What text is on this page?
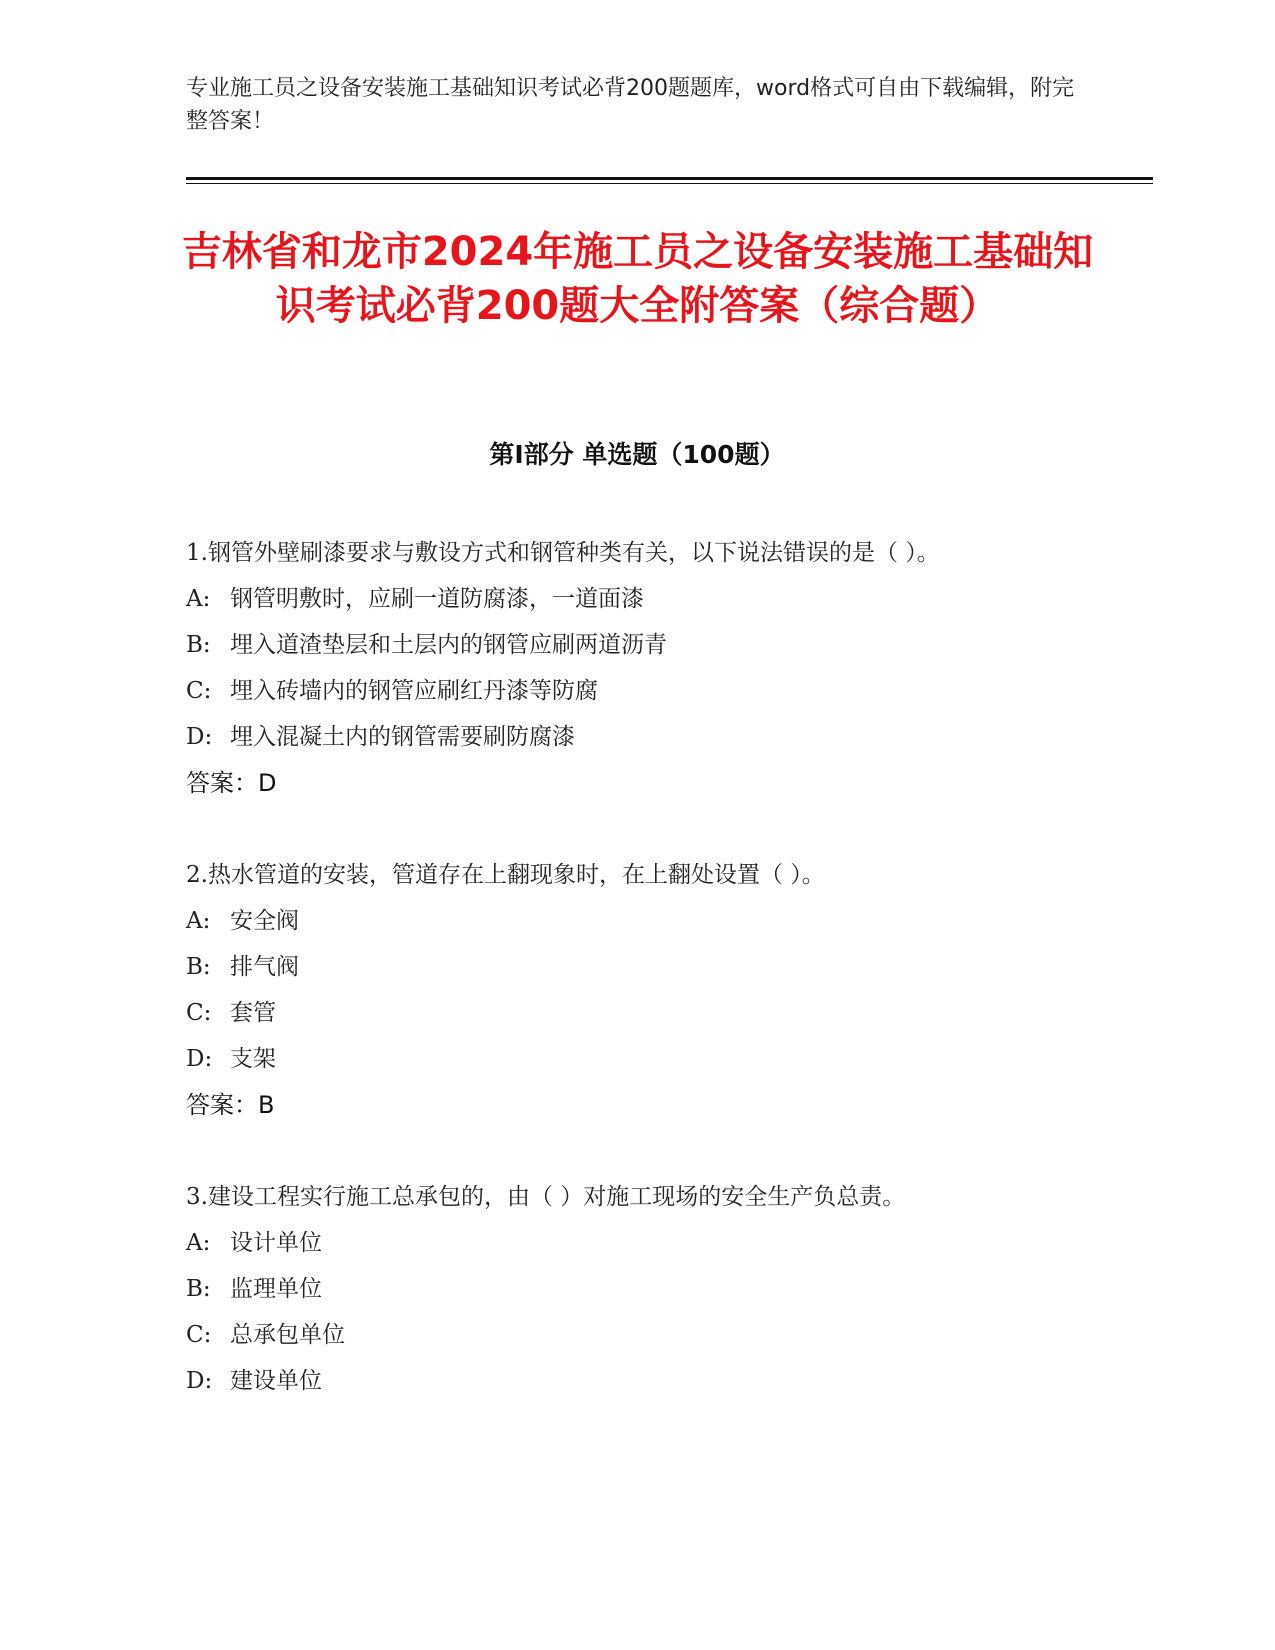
专业施工员之设备安装施工基础知识考试必背200题题库，word格式可自由下载编辑，附完整答案！
吉林省和龙市2024年施工员之设备安装施工基础知识考试必背200题大全附答案（综合题）
第Ⅰ部分 单选题（100题）

1.钢管外壁刷漆要求与敷设方式和钢管种类有关，以下说法错误的是（ ）。

A: 钢管明敷时，应刷一道防腐漆，一道面漆

B: 埋入道渣垫层和土层内的钢管应刷两道沥青

C: 埋入砖墙内的钢管应刷红丹漆等防腐

D: 埋入混凝土内的钢管需要刷防腐漆

答案：D

2.热水管道的安装，管道存在上翻现象时，在上翻处设置（ ）。

A: 安全阀

B: 排气阀

C: 套管

D: 支架

答案：B

3.建设工程实行施工总承包的，由（ ）对施工现场的安全生产负总责。

A: 设计单位

B: 监理单位

C: 总承包单位

D: 建设单位
